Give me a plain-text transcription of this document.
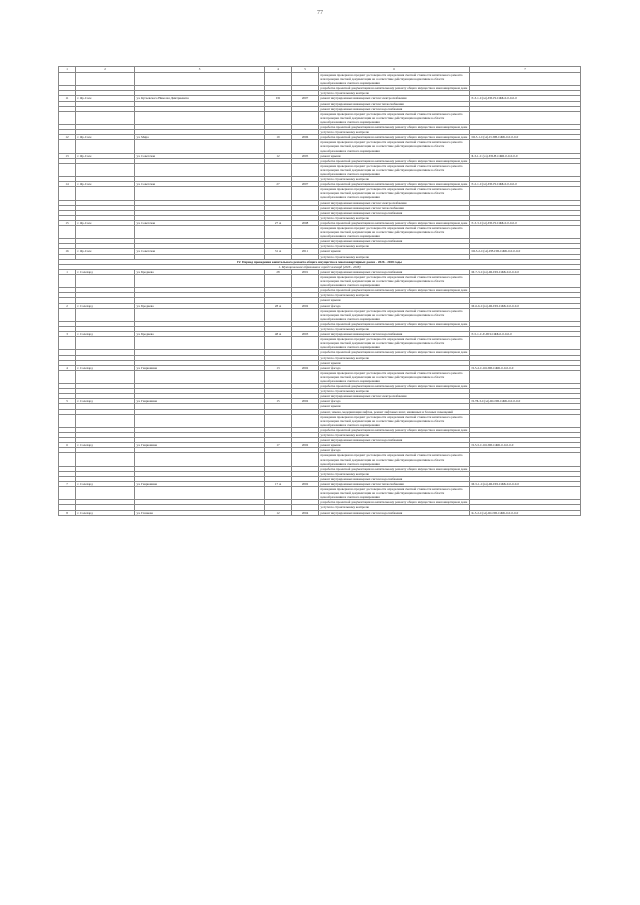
77
1	2	3	4	5	6	7
					проведение проверки на предмет достоверности определения сметной стоимости капитального ремонта или проверки сметной документации на соответствие действующим нормативам в области ценообразования и сметного нормирования	
					разработка проектной документации на капитальному ремонту общего имущества в многоквартирном доме	
					услуги по строительному контролю	
11	г. Яр-Сале	ул. Кугаевского Николая Дмитриевича	9 Б	2007	ремонт внутридомовых инженерных систем электроснабжения	Е-3-1-С(эл)-ЕП-Н-СЖБ-0-0-0-0-0
					ремонт внутридомовых инженерных систем теплоснабжения	
					ремонт внутридомовых инженерных систем водоснабжения	
					проведение проверки на предмет достоверности определения сметной стоимости капитального ремонта или проверки сметной документации на соответствие действующим нормативам в области ценообразования и сметного нормирования	
					разработка проектной документации на капитальному ремонту общего имущества в многоквартирном доме	
					услуги по строительному контролю	
12	г. Яр-Сале	ул. Мира	19	2006	разработка проектной документации на капитальному ремонту общего имущества в многоквартирном доме	Ш-3-1-С(эл)-П-ПВ-СЖБ-0-0-0-0-0
					проведение проверки на предмет достоверности определения сметной стоимости капитального ремонта или проверки сметной документации на соответствие действующим нормативам в области ценообразования и сметного нормирования	
13	г. Яр-Сале	ул. Советская	12	2005	ремонт крыши	Б-3-1-С (эл)-ЕП-Н-СЖБ-0-0-0-0-0
					разработка проектной документации на капитальному ремонту общего имущества в многоквартирном доме	
					проведение проверки на предмет достоверности определения сметной стоимости капитального ремонта или проверки сметной документации на соответствие действующим нормативам в области ценообразования и сметного нормирования	
					услуги по строительному контролю	
14	г. Яр-Сале	ул. Советская	27	2007	разработка проектной документации на капитальному ремонту общего имущества в многоквартирном доме	Е-2-1-С(эл)-ЕП-Н-СЖБ-0-0-0-0-0
					проведение проверки на предмет достоверности определения сметной стоимости капитального ремонта или проверки сметной документации на соответствие действующим нормативам в области ценообразования и сметного нормирования	
					ремонт внутридомовых инженерных систем электроснабжения	
					ремонт внутридомовых инженерных систем теплоснабжения	
					ремонт внутридомовых инженерных систем водоснабжения	
					услуги по строительному контролю	
15	г. Яр-Сале	ул. Советская	27 А	2008	разработка проектной документации на капитальному ремонту общего имущества в многоквартирном доме	Е-3-3-С(эл)-ЕП-Н-СЖБ-0-0-0-0-0
					проведение проверки на предмет достоверности определения сметной стоимости капитального ремонта или проверки сметной документации на соответствие действующим нормативам в области ценообразования и сметного нормирования	
					ремонт внутридомовых инженерных систем водоснабжения	
					услуги по строительному контролю	
16	г. Яр-Сале	ул. Советская	31 А	2011	ремонт крыши	Ш-3-2-С(эл)-ЕВ-ПП-СЖБ-0-0-0-0-0
					услуги по строительному контролю	
IV. Период проведения капитального ремонта общего имущества в многоквартирных домах - 2026 - 2028 годы						
1. Муниципальное образование город Салехард (2026 - 2028)						
1	г. Салехард	ул. Броднева	28	2001	ремонт внутридомовых инженерных систем водоснабжения	М-7-3-С(эл)-Ш-ПП-СЖБ-0-0-0-0-0
					проведение проверки на предмет достоверности определения сметной стоимости капитального ремонта или проверки сметной документации на соответствие действующим нормативам в области ценообразования и сметного нормирования	
					разработка проектной документации на капитальному ремонту общего имущества в многоквартирном доме	
					услуги по строительному контролю	
					ремонт крыши	
2	г. Салехард	ул. Броднева	28 А	2002	ремонт фасада	М-6-6-С(эл)-Ш-ПП-СЖБ-0-0-0-0-0
					проведение проверки на предмет достоверности определения сметной стоимости капитального ремонта или проверки сметной документации на соответствие действующим нормативам в области ценообразования и сметного нормирования	
					разработка проектной документации на капитальному ремонту общего имущества в многоквартирном доме	
					услуги по строительному контролю	
3	г. Салехард	ул. Броднева	48 А	2003	ремонт внутридомовых инженерных систем водоснабжения	Е-5-1-С-Е-ПП-СЖБ-0-0-0-0-0
					проведение проверки на предмет достоверности определения сметной стоимости капитального ремонта или проверки сметной документации на соответствие действующим нормативам в области ценообразования и сметного нормирования	
					разработка проектной документации на капитальному ремонту общего имущества в многоквартирном доме	
					услуги по строительному контролю	
					ремонт крыши	
4	г. Салехард	ул. Гаврюшина	13	2002	ремонт фасада	П-5-2-С-Ш-ПП-СЖБ-0-0-0-0-0
					проведение проверки на предмет достоверности определения сметной стоимости капитального ремонта или проверки сметной документации на соответствие действующим нормативам в области ценообразования и сметного нормирования	
					разработка проектной документации на капитальному ремонту общего имущества в многоквартирном доме	
					услуги по строительному контролю	
					ремонт внутридомовых инженерных систем электроснабжения	
5	г. Салехард	ул. Гаврюшина	15	2002	ремонт фасада	П-7Б-3-С(эл)-Ш-ПП-СЖБ-0-0-0-0-0
					ремонт крыши	
					ремонт, замена, модернизация лифтов, ремонт лифтовых шахт, машинных и блочных помещений	
					проведение проверки на предмет достоверности определения сметной стоимости капитального ремонта или проверки сметной документации на соответствие действующим нормативам в области ценообразования и сметного нормирования	
					разработка проектной документации на капитальному ремонту общего имущества в многоквартирном доме	
					услуги по строительному контролю	
					ремонт внутридомовых инженерных систем водоснабжения	
6	г. Салехард	ул. Гаврюшина	17	2002	ремонт крыши	П-5-5-С-Ш-ПП-СЖБ-0-0-0-0-0
					ремонт фасада	
					проведение проверки на предмет достоверности определения сметной стоимости капитального ремонта или проверки сметной документации на соответствие действующим нормативам в области ценообразования и сметного нормирования	
					разработка проектной документации на капитальному ремонту общего имущества в многоквартирном доме	
					услуги по строительному контролю	
					ремонт внутридомовых инженерных систем водоснабжения	
7	г. Салехард	ул. Гаврюшина	17 А	2002	ремонт внутридомовых инженерных систем теплоснабжения	М-5-1-С(эл)-Ш-ПП-СЖБ-0-0-0-0-0
					проведение проверки на предмет достоверности определения сметной стоимости капитального ремонта или проверки сметной документации на соответствие действующим нормативам в области ценообразования и сметного нормирования	
					разработка проектной документации на капитальному ремонту общего имущества в многоквартирном доме	
					услуги по строительному контролю	
8	г. Салехард	ул. Глазкова	12	2004	ремонт внутридомовых инженерных систем водоснабжения	К-5-2-С(эл)-Ш-ПП-СЖБ-0-0-0-0-0
